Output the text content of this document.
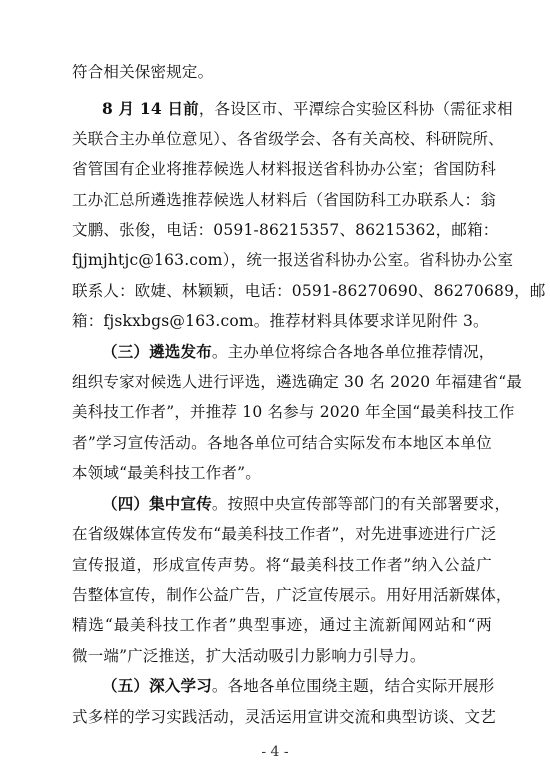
符合相关保密规定。
8 月 14 日前，各设区市、平潭综合实验区科协（需征求相
关联合主办单位意见）、各省级学会、各有关高校、科研院所、
省管国有企业将推荐候选人材料报送省科协办公室；省国防科
工办汇总所遴选推荐候选人材料后（省国防科工办联系人：翁
文鹏、张俊，电话：0591-86215357、86215362，邮箱：
fjjmjhtjc@163.com），统一报送省科协办公室。省科协办公室
联系人：欧婕、林颖颖，电话：0591-86270690、86270689，邮
箱：fjskxbgs@163.com。推荐材料具体要求详见附件 3。
（三）遴选发布。主办单位将综合各地各单位推荐情况，
组织专家对候选人进行评选，遴选确定 30 名 2020 年福建省“最
美科技工作者”，并推荐 10 名参与 2020 年全国“最美科技工作
者”学习宣传活动。各地各单位可结合实际发布本地区本单位
本领域“最美科技工作者”。
（四）集中宣传。按照中央宣传部等部门的有关部署要求，
在省级媒体宣传发布“最美科技工作者”，对先进事迹进行广泛
宣传报道，形成宣传声势。将“最美科技工作者”纳入公益广
告整体宣传，制作公益广告，广泛宣传展示。用好用活新媒体，
精选“最美科技工作者”典型事迹，通过主流新闻网站和“两
微一端”广泛推送，扩大活动吸引力影响力引导力。
（五）深入学习。各地各单位围绕主题，结合实际开展形
式多样的学习实践活动，灵活运用宣讲交流和典型访谈、文艺
- 4 -
